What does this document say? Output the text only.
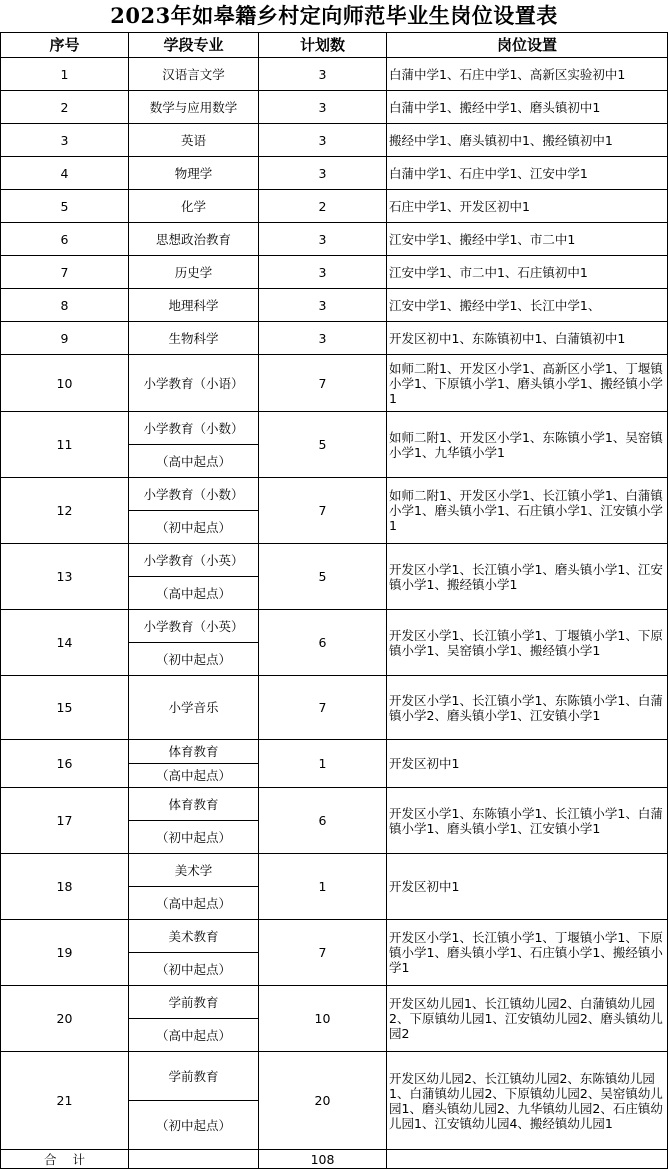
2023年如皋籍乡村定向师范毕业生岗位设置表
序号	学段专业	计划数	岗位设置
1	汉语言文学	3	白蒲中学1、石庄中学1、高新区实验初中1
2	数学与应用数学	3	白蒲中学1、搬经中学1、磨头镇初中1
3	英语	3	搬经中学1、磨头镇初中1、搬经镇初中1
4	物理学	3	白蒲中学1、石庄中学1、江安中学1
5	化学	2	石庄中学1、开发区初中1
6	思想政治教育	3	江安中学1、搬经中学1、市二中1
7	历史学	3	江安中学1、市二中1、石庄镇初中1
8	地理科学	3	江安中学1、搬经中学1、长江中学1、
9	生物科学	3	开发区初中1、东陈镇初中1、白蒲镇初中1
10	小学教育（小语）	7	如师二附1、开发区小学1、高新区小学1、丁堰镇小学1、下原镇小学1、磨头镇小学1、搬经镇小学1
11	小学教育（小数）	5	如师二附1、开发区小学1、东陈镇小学1、吴窑镇小学1、九华镇小学1
	（高中起点）		
12	小学教育（小数）	7	如师二附1、开发区小学1、长江镇小学1、白蒲镇小学1、磨头镇小学1、石庄镇小学1、江安镇小学1
	（初中起点）		
13	小学教育（小英）	5	开发区小学1、长江镇小学1、磨头镇小学1、江安镇小学1、搬经镇小学1
	（高中起点）		
14	小学教育（小英）	6	开发区小学1、长江镇小学1、丁堰镇小学1、下原镇小学1、吴窑镇小学1、搬经镇小学1
	（初中起点）		
15	小学音乐	7	开发区小学1、长江镇小学1、东陈镇小学1、白蒲镇小学2、磨头镇小学1、江安镇小学1
16	体育教育	1	开发区初中1
	（高中起点）		
17	体育教育	6	开发区小学1、东陈镇小学1、长江镇小学1、白蒲镇小学1、磨头镇小学1、江安镇小学1
	（初中起点）		
18	美术学	1	开发区初中1
	（高中起点）		
19	美术教育	7	开发区小学1、长江镇小学1、丁堰镇小学1、下原镇小学1、磨头镇小学1、石庄镇小学1、搬经镇小学1
	（初中起点）		
20	学前教育	10	开发区幼儿园1、长江镇幼儿园2、白蒲镇幼儿园2、下原镇幼儿园1、江安镇幼儿园2、磨头镇幼儿园2
	（高中起点）		
21	学前教育	20	开发区幼儿园2、长江镇幼儿园2、东陈镇幼儿园1、白蒲镇幼儿园2、下原镇幼儿园2、吴窑镇幼儿园1、磨头镇幼儿园2、九华镇幼儿园2、石庄镇幼儿园1、江安镇幼儿园4、搬经镇幼儿园1
	（初中起点）		
合    计		108	
